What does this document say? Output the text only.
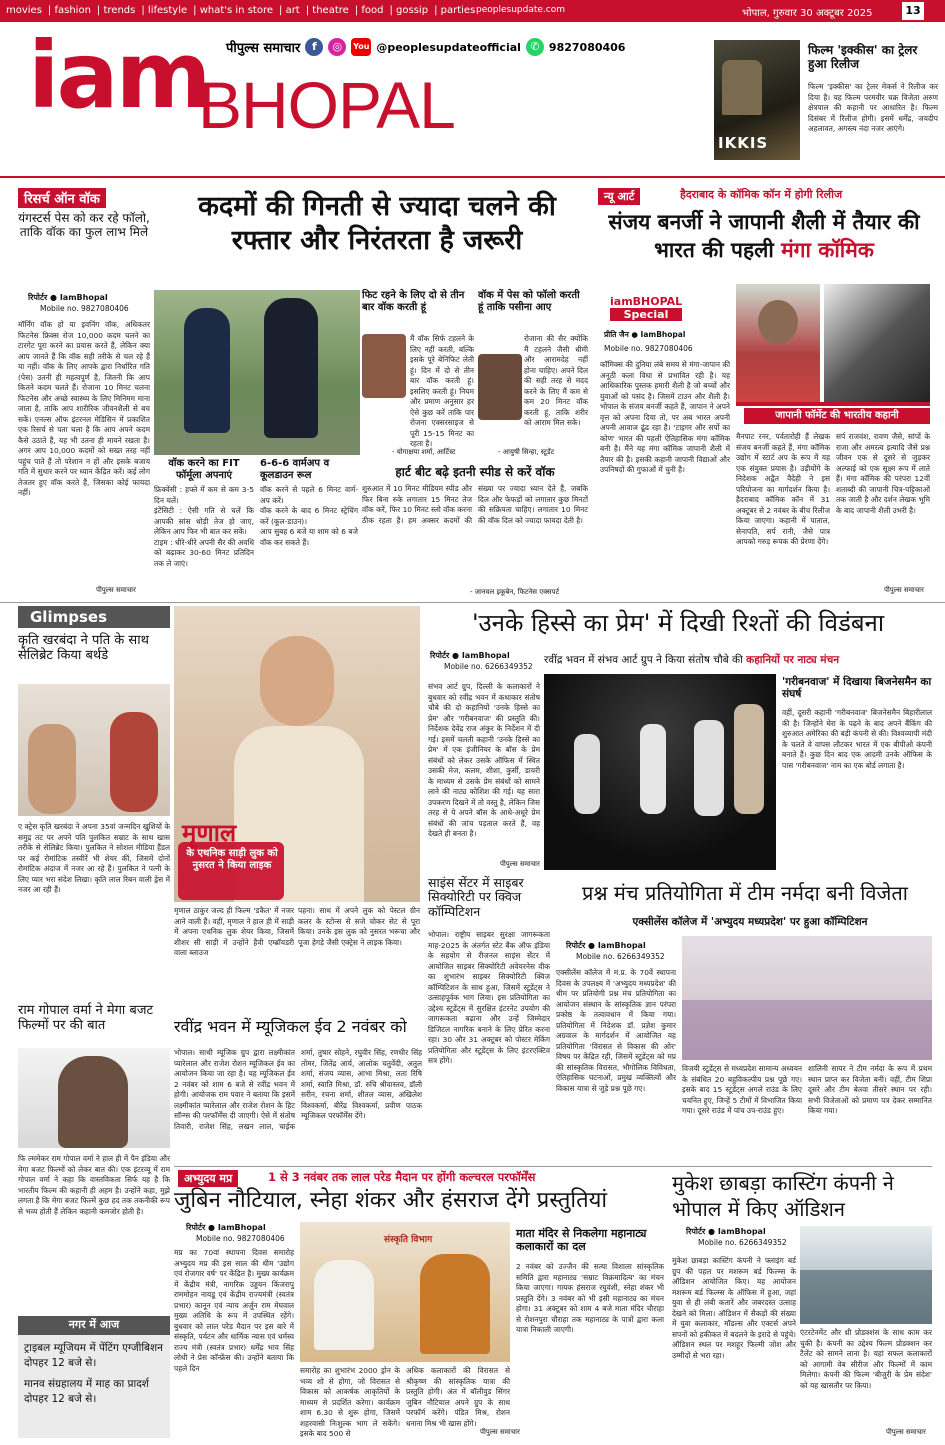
movies | fashion | trends | lifestyle | what's in store | art | theatre | food | gossip | parties peoplesupdate.com	भोपाल, गुरुवार 30 अक्टूबर 2025	13
iam
BHOPAL
पीपुल्स समाचार	f	◎	You @peoplesupdateofficial ✆ 9827080406
IKKIS
फिल्म 'इक्कीस' का ट्रेलर हुआ रिलीज
फिल्म 'इक्कीस' का ट्रेलर मेकर्स ने रिलीज कर दिया है। यह फिल्म परमवीर चक्र विजेता अरुण क्षेत्रपाल की कहानी पर आधारित है। फिल्म दिसंबर में रिलीज होगी। इसमें धर्मेंद्र, जयदीप अहलावत, अगस्त्य नंदा नजर आएंगे।
रिसर्च ऑन वॉक
यंगस्टर्स पेस को कर रहे फॉलो, ताकि वॉक का फुल लाभ मिले
कदमों की गिनती से ज्यादा चलने की रफ्तार और निरंतरता है जरूरी
रिपोर्टर ● IamBhopal
Mobile no. 9827080406
मॉर्निंग वॉक हो या इवनिंग वॉक, अधिकतर फिटनेस फ्रिक्स रोज 10,000 कदम चलने का टारगेट पूरा करने का प्रयास करते हैं, लेकिन क्या आप जानते हैं कि वॉक सही तरीके से चल रहे हैं या नहीं। वॉक के लिए आपके द्वारा निर्धारित गति (पेस) उतनी ही महत्वपूर्ण है, जितनी कि आप कितने कदम चलते हैं। रोजाना 10 मिनट चलना फिटनेस और अच्छे स्वास्थ्य के लिए मिनिमम माना जाता है, ताकि आप शारीरिक जीवनशैली से बच सकें। एनल्स ऑफ इंटरनल मेडिसिन में प्रकाशित एक रिसर्च से पता चला है कि आप अपने कदम कैसे उठाते हैं, यह भी उतना ही मायने रखता है। अगर आप 10,000 कदमों को सख्त तरह नहीं पहुंच पाते हैं तो परेशान न हों और इसके बजाय गति में सुधार करने पर ध्यान केंद्रित करें। कई लोग तेजतर हुए वॉक करते हैं, जिसका कोई फायदा नहीं।
वॉक करने का FIT फॉर्मूला अपनाएं
फ्रिक्वेंसी : हफ्ते में कम से कम 3-5 दिन चलें।
इंटेंसिटी : ऐसी गति से चलें कि आपकी सांस थोड़ी तेज हो जाए, लेकिन आप फिर भी बात कर सकें।
टाइम : धीरे-धीरे अपनी सैर की अवधि को बढ़ाकर 30-60 मिनट प्रतिदिन तक ले जाएं।
6-6-6 वार्मअप व कूलडाउन रूल
वॉक करने से पहले 6 मिनट वार्म-अप करें।
वॉक करने के बाद 6 मिनट स्ट्रेचिंग करें (कूल-डाउन)।
आप सुबह 6 बजे या शाम को 6 बजे वॉक कर सकते हैं।
फिट रहने के लिए दो से तीन बार वॉक करती हूं
मैं वॉक सिर्फ टहलने के लिए नहीं करती, बल्कि इसके पूरे बेनिफिट लेती हूं। दिन में दो से तीन बार वॉक करती हूं। इसलिए करती हूं। नियम और प्रमाण अनुसार हर ऐसे कुछ करें ताकि पार रोजना एक्सरसाइज से पूरी 15-15 मिनट का रहता है।
- योगाक्षया शर्मा, आर्टिस्ट
वॉक में पेस को फॉलो करती हूं ताकि पसीना आए
रोजाना की सैर क्योंकि मैं टहलने जैसी धीमी और आरामदेह नहीं होना चाहिए। अपने दिल की सही तरह से मदद करने के लिए मैं कम से कम 20 मिनट वॉक करती हूं, ताकि शरीर को आराम मिल सके।
- आयुषी सिन्हा, स्टूडेंट
हार्ट बीट बढ़े इतनी स्पीड से करें वॉक
शुरुआत में 10 मिनट मीडियम स्पीड और फिर बिना रुके लगातार 15 मिनट तेज वॉक करें, फिर 10 मिनट स्लो वॉक करना ठीक रहता है। हम अक्सर कदमों की संख्या पर ज्यादा ध्यान देते हैं, जबकि दिल और फेफड़ों को लगातार कुछ मिनटों की सक्रियता चाहिए। लगातार 10 मिनट की वॉक दिल को ज्यादा फायदा देती है।
- जानवल इकूबेन, फिटनेस एक्सपर्ट
पीपुल्स समाचार
न्यू आर्ट	हैदराबाद के कॉमिक कॉन में होगी रिलीज
संजय बनर्जी ने जापानी शैली में तैयार की भारत की पहली मंगा कॉमिक
iamBHOPAL
Special
प्रीति जैन ● IamBhopal
Mobile no. 9827080406
कॉमिक्स की दुनिया लंबे समय से मंगा-जापान की अनूठी कला विधा से प्रभावित रही है। यह आधिकारिक पुस्तक हमारी शैली है जो बच्चों और युवाओं को पसंद है। जिसमें टाउन और शैली है। भोपाल के संजय बनर्जी कहते हैं, जापान ने अपने वृत्त को अपना दिया तो, पर अब भारत अपनी अपनी आवाज ढूंढ रहा है। 'टाइगर और सर्पो का कोण' भारत की पहली ऐतिहासिक मंगा कॉमिक बनी है। मैंने यह मंगा कॉमिक जापानी शैली में तैयार की है। इसकी कहानी जापानी विद्याओं और उपनिषदों की गुफाओं में चुनी है।
जापानी फॉर्मेट की भारतीय कहानी
मैनपाट रनर, पर्वतारोही हैं लेखक संजय बनर्जी कहते हैं, मंगा कॉमिक उद्योग में स्टार्ट अप के रूप में यह एक संयुक्त प्रयास है। उड़ीयोंगे के निदेशक अद्वैत वैदेही ने इस परियोजना का मार्गदर्शन किया है। हैदराबाद कॉमिक कॉन में 31 अक्टूबर से 2 नवंबर के बीच रिलीज किया जाएगा। कहानी में पाताल, सेनापति, सर्प रानी, जैसे पात्र आपको गरुड़ रूपक की प्रेरणा देंगे।
सर्प राजवंश, रावण जैसे, सांपों के राजा और अमरत्व इत्यादि जैसे प्रश्न जीवन एक से दूसरे से जुड़कर अल्फाई को एक सूक्ष्म रूप में लाते हैं। मंगा कॉमिक की परंपरा 12वीं शताब्दी की जापानी चित्र-पट्टिकाओं तक जाती है और दर्शन लेखक भूमि के बाद जापानी शैली उभरी है।
पीपुल्स समाचार
Glimpses
कृति खरबंदा ने पति के साथ सेलिब्रेट किया बर्थडे
ए क्ट्रेस कृति खरबंदा ने अपना 35वां जन्मदिन खुशियों के समुद्र तट पर अपने पति पुलकित सम्राट के साथ खास तरीके से सेलिब्रेट किया। पुलकित ने सोशल मीडिया हैंडल पर कई रोमांटिक तस्वीरें भी शेयर कीं, जिसमें दोनों रोमांटिक अंदाज में नजर आ रहे हैं। पुलकित ने पत्नी के लिए प्यार भरा संदेश लिखा। कृति लाल रिबन वाली ड्रेस में नजर आ रही हैं।
राम गोपाल वर्मा ने मेगा बजट फिल्मों पर की बात
फि ल्ममेकर राम गोपाल वर्मा ने हाल ही में पैन इंडिया और मेगा बजट फिल्मों को लेकर बात की। एक इंटरव्यू में राम गोपाल वर्मा ने कहा कि वास्तविकता सिर्फ यह है कि भारतीय फिल्म की कहानी ही अहम है। उन्होंने कहा, मुझे लगता है कि मेगा बजट फिल्में कुछ हद तक तकनीकी रूप से भव्य होती हैं लेकिन कहानी कमजोर होती है।
नगर में आज
ट्राइबल म्यूजियम में पेंटिंग एग्जीबिशन दोपहर 12 बजे से।
मानव संग्रहालय में माह का प्रादर्श दोपहर 12 बजे से।
मृणाल
के एथनिक साड़ी लुक को नुसरत ने किया लाइक
मृणाल ठाकुर जल्द ही फिल्म 'डकैत' में नजर आने वाली हैं। वहीं, मृणाल ने हाल ही में साड़ी में अपना एथनिक लुक शेयर किया, जिसमें शीशर सी साड़ी में उन्होंने हैवी एम्ब्रॉयडरी वाला ब्लाउज
पहना। साथ में अपने लुक को पेस्टल ग्रीन कलर के स्टोन्स से सजे चोकर सेट से पूरा किया। उनके इस लुक को नुसरत भरूचा और पूजा हेगड़े जैसी एक्ट्रेस ने लाइक किया।
'उनके हिस्से का प्रेम' में दिखी रिश्तों की विडंबना
रिपोर्टर ● IamBhopal
Mobile no. 6266349352
रवींद्र भवन में संभव आर्ट ग्रुप ने किया संतोष चौबे की कहानियों पर नाट्य मंचन
संभव आर्ट ग्रुप, दिल्ली के कलाकारों ने बुधवार को रवींद्र भवन में कथाकार संतोष चौबे की दो कहानियों 'उनके हिस्से का प्रेम' और 'गरीबनवाज' की प्रस्तुति की। निर्देशक देवेंद्र राज अंकुर के निर्देशन में दी गई। इसमें चलती कहानी 'उनके हिस्से का प्रेम' में एक इंजीनियर के बॉस के प्रेम संबंधों को लेकर उसके ऑफिस में स्थित उसकी मेज, कलम, शीशा, कुर्सी, डायरी के माध्यम से उसके प्रेम संबंधों को सामने लाने की नाट्य कोशिश की गई। यह सारा उपकरण दिखने में तो वस्तु है, लेकिन जिस तरह से ये अपने बॉस के आधे-अधूरे प्रेम संबंधों की जांच पड़ताल करते हैं, वह देखते ही बनता है।
पीपुल्स समाचार
'गरीबनवाज' में दिखाया बिजनेसमैन का संघर्ष
वहीं, दूसरी कहानी 'गरीबनवाज' बिजनेसमैन बिहारीलाल की है। जिन्होंने घेरा के पढ़ने के बाद अपने बैंकिंग की शुरुआत अमेरिका की बड़ी कंपनी से की। विश्वव्यापी मंदी के चलते वे वापस लौटकर भारत में एक बीपीओ कंपनी बनाते हैं। कुछ दिन बाद एक आदमी उनके ऑफिस के पास 'गरीबनवाज' नाम का एक बोर्ड लगाता है।
साइंस सेंटर में साइबर सिक्योरिटी पर क्विज कॉम्पिटिशन
भोपाल। राष्ट्रीय साइबर सुरक्षा जागरूकता माह-2025 के अंतर्गत स्टेट बैंक ऑफ इंडिया के सहयोग से रीजनल साइंस सेंटर में आयोजित साइबर सिक्योरिटी अवेयरनेस वीक का शुभारंभ साइबर सिक्योरिटी क्विज कॉम्पिटिशन के साथ हुआ, जिसमें स्टूडेंट्स ने उत्साहपूर्वक भाग लिया। इस प्रतियोगिता का उद्देश्य स्टूडेंट्स में सुरक्षित इंटरनेट उपयोग की जागरूकता बढ़ाना और उन्हें जिम्मेदार डिजिटल नागरिक बनाने के लिए प्रेरित करना रहा। 30 और 31 अक्टूबर को पोस्टर मेकिंग प्रतियोगिता और स्टूडेंट्स के लिए इंटरएक्टिव सत्र होंगे।
प्रश्न मंच प्रतियोगिता में टीम नर्मदा बनी विजेता
एक्सीलेंस कॉलेज में 'अभ्युदय मध्यप्रदेश' पर हुआ कॉम्पिटिशन
रिपोर्टर ● IamBhopal
Mobile no. 6266349352
एक्सीलेंस कॉलेज में म.प्र. के 70वें स्थापना दिवस के उपलक्ष्य में 'अभ्युदय मध्यप्रदेश' की थीम पर प्रतियोगी प्रश्न मंच प्रतियोगिता का आयोजन संस्थान के सांस्कृतिक ज्ञान परंपरा प्रकोष्ठ के तत्वावधान में किया गया। प्रतियोगिता में निदेशक डॉ. प्रज्ञेश कुमार अग्रवाल के मार्गदर्शन में आयोजित यह प्रतियोगिता 'विरासत से विकास की ओर' विषय पर केंद्रित रही, जिसमें स्टूडेंट्स को मप्र की सांस्कृतिक विरासत, भौगोलिक विविधता, ऐतिहासिक घटनाओं, प्रमुख व्यक्तित्वों और विकास यात्रा से जुड़े प्रश्न पूछे गए।
विजयी स्टूडेंट्स से मध्यप्रदेश सामान्य अध्ययन के संबंधित 20 बहुविकल्पीय प्रश्न पूछे गए। इसके बाद 15 स्टूडेंट्स अगले राउंड के लिए चयनित हुए, जिन्हें 5 टीमों में विभाजित किया गया। दूसरे राउंड में पांच उप-राउंड हुए।
शालिनी सायर ने टीम नर्मदा के रूप में प्रथम स्थान प्राप्त कर विजेता बनी। वहीं, टीम शिप्रा दूसरे और टीम बेतवा तीसरे स्थान पर रही। सभी विजेताओं को प्रमाण पत्र देकर सम्मानित किया गया।
रवींद्र भवन में म्यूजिकल ईव 2 नवंबर को
भोपाल। साथी म्यूजिक ग्रुप द्वारा लक्ष्मीकांत प्यारेलाल और राजेश रोशन म्यूजिकल ईव का आयोजन किया जा रहा है। यह म्यूजिकल ईव 2 नवंबर को शाम 6 बजे से रवींद्र भवन में होगी। आयोजक राम पवार ने बताया कि इसमें लक्ष्मीकांत प्यारेलाल और राजेश रोशन के हिट सॉन्ग्स की परफॉर्मेंस दी जाएगी। ऐसे में संतोष तिवारी, राजेश सिंह, लखन लाल, चाईक शर्मा, तुषार सोहने, रघुवीर सिंह, रणधीर सिंह तोमर, जितेंद्र आर्य, आलोक चतुर्वेदी, अतुल शर्मा, संजय व्यास, आभा मिश्रा, लता रिषि शर्मा, स्वाति मिश्रा, डॉ. रुचि श्रीवास्तव, डॉली सरीन, रचना शर्मा, शीतल व्यास, अखिलेश विश्वकर्मा, बीरेंद्र विश्वकर्मा, प्रवीण पाठक म्यूजिकल परफॉर्मेंस देंगे।
अभ्युदय मप्र	1 से 3 नवंबर तक लाल परेड मैदान पर होंगी कल्चरल परफॉर्मेंस
जुबिन नौटियाल, स्नेहा शंकर और हंसराज देंगे प्रस्तुतियां
रिपोर्टर ● IamBhopal
Mobile no. 9827080406
मप्र का 70वां स्थापना दिवस समारोह अभ्युदय मप्र की इस साल की थीम 'उद्योग एवं रोजगार वर्ष' पर केंद्रित है। मुख्य कार्यक्रम में केंद्रीय मंत्री, नागरिक उड्डयन किंजरापु राममोहन नायडू एवं केंद्रीय राज्यमंत्री (स्वतंत्र प्रभार) कानून एवं न्याय अर्जुन राम मेघवाल मुख्य अतिथि के रूप में उपस्थित रहेंगे। बुधवार को लाल परेड मैदान पर इस बारे में संस्कृति, पर्यटन और धार्मिक न्यास एवं धर्मस्व राज्य मंत्री (स्वतंत्र प्रभार) धर्मेंद्र भाव सिंह लोधी ने प्रेस कॉन्फ्रेंस की। उन्होंने बताया कि पहले दिन
संस्कृति विभाग
समारोह का शुभारंभ 2000 ड्रोन के भव्य शो से होगा, जो विरासत से विकास को आकर्षक आकृतियों के माध्यम से प्रदर्शित करेगा। कार्यक्रम शाम 6.30 से शुरू होगा, जिसमें शहरवासी निःशुल्क भाग ले सकेंगे। इसके बाद 500 से
अधिक कलाकारों की विरासत से श्रीकृष्ण की सांस्कृतिक यात्रा की प्रस्तुति होगी। अंत में बॉलीवुड सिंगर जुबिन नौटियाल अपने ग्रुप के साथ परफॉर्म करेंगे। पंडित मिश्र, रोशन धनाना मिश्र भी खास होंगे।
पीपुल्स समाचार
माता मंदिर से निकलेगा महानाट्य कलाकारों का दल
2 नवंबर को उज्जैन की सत्या विशाला सांस्कृतिक समिति द्वारा महानाट्य 'सम्राट विक्रमादित्य' का मंचन किया जाएगा। गायक हंसराज रघुवंशी, स्नेहा शंकर भी प्रस्तुति देंगे। 3 नवंबर को भी इसी महानाट्य का मंचन होगा। 31 अक्टूबर को शाम 4 बजे माता मंदिर चौराहा से रोशनपुरा चौराहा तक महानाट्य के पात्रों द्वारा कला यात्रा निकाली जाएगी।
मुकेश छाबड़ा कास्टिंग कंपनी ने भोपाल में किए ऑडिशन
रिपोर्टर ● IamBhopal
Mobile no. 6266349352
मुकेश छाबड़ा कास्टिंग कंपनी ने फ्लाइंग बर्ड ग्रुप की पहल पर मशरूम बर्ड फिल्म्स के ऑडिशन आयोजित किए। यह आयोजन मशरूम बर्ड फिल्म्स के ऑफिस में हुआ, जहां युवा से ही लंबी कतारें और जबरदस्त उत्साह देखने को मिला। ऑडिशन में सैकड़ों की संख्या में युवा कलाकार, मॉडल्स और एक्टर्स अपने सपनों को हकीकत में बदलने के इरादे से पहुंचे। ऑडिशन स्थल पर मशहूर फिल्मी जोश और उम्मीदों से भरा रहा।
एंटरटेनमेंट और थ्री प्रोडक्शंस के साथ काम कर चुकी है। कंपनी का उद्देश्य फिल्म प्रोडक्शन कर टैलेंट को सामने लाना है। यहां सफल कलाकारों को आगामी वेब सीरीज और फिल्मों में काम मिलेगा। कंपनी की फिल्म 'बीजुरी के प्रेम संदेश' को यह खासतौर पर किया।
पीपुल्स समाचार
